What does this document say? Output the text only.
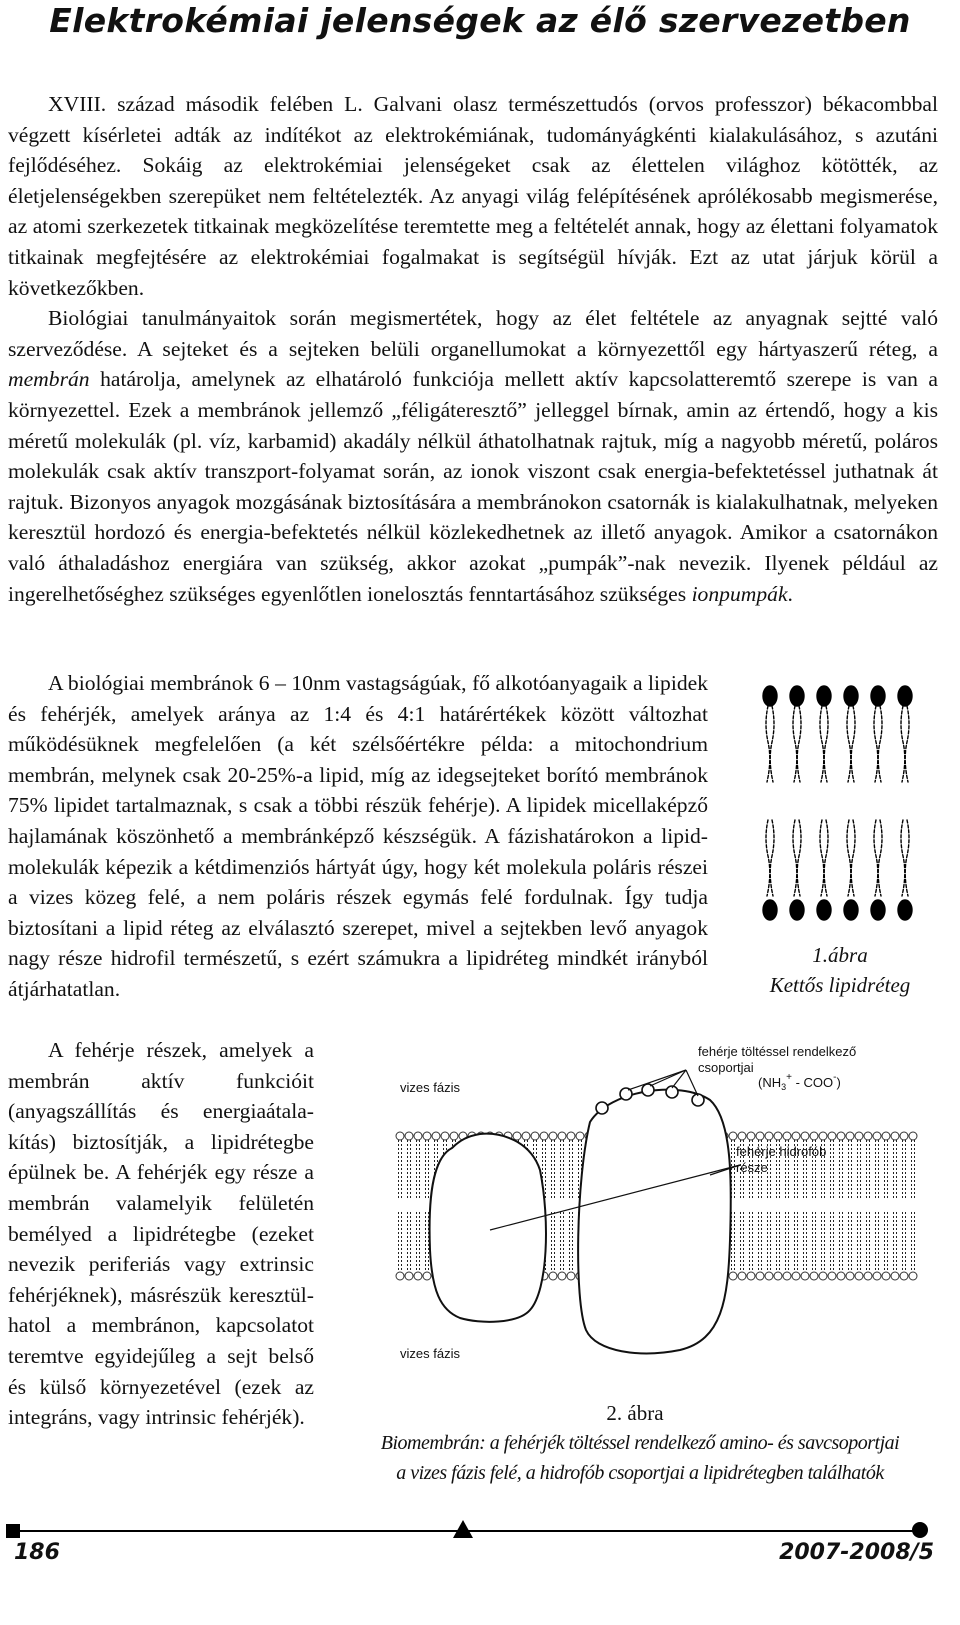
Elektrokémiai jelenségek az élő szervezetben

XVIII. század második felében L. Galvani olasz természettudós (orvos professzor) békacombbal végzett kísérletei adták az indítékot az elektrokémiának, tudományágkénti kialakulásához, s azutáni fejlődéséhez. Sokáig az elektrokémiai jelenségeket csak az élettelen világhoz kötötték, az életjelenségekben szerepüket nem feltételezték. Az anyagi világ felépítésének aprólékosabb megismerése, az atomi szerkezetek titkainak megközelítése teremtette meg a feltételét annak, hogy az élettani folyamatok titkainak megfejtésére az elektrokémiai fogalmakat is segítségül hívják. Ezt az utat járjuk körül a következőkben.

Biológiai tanulmányaitok során megismertétek, hogy az élet feltétele az anyagnak sejtté való szerveződése. A sejteket és a sejteken belüli organellumokat a környezettől egy hártyaszerű réteg, a membrán határolja, amelynek az elhatároló funkciója mellett aktív kapcsolatteremtő szerepe is van a környezettel. Ezek a membránok jellemző „féligáteresztő” jelleggel bírnak, amin az értendő, hogy a kis méretű molekulák (pl. víz, karbamid) akadály nélkül áthatolhatnak rajtuk, míg a nagyobb méretű, poláros molekulák csak aktív transzport-folyamat során, az ionok viszont csak energia-befektetéssel juthatnak át rajtuk. Bizonyos anyagok mozgásának biztosítására a membránokon csatornák is kialakulhatnak, melyeken keresztül hordozó és energia-befektetés nélkül közlekedhetnek az illető anyagok. Amikor a csatornákon való áthaladáshoz energiára van szükség, akkor azokat „pumpák”-nak nevezik. Ilyenek például az ingerelhetőséghez szükséges egyenlőtlen ionelosztás fenntartásához szükséges ionpumpák.

A biológiai membránok 6 – 10nm vastagságúak, fő alkotóanyagaik a lipidek és fehérjék, amelyek aránya az 1:4 és 4:1 határértékek között változhat működésüknek megfelelően (a két szélsőértékre példa: a mitochondrium membrán, melynek csak 20-25%-a lipid, míg az idegsejteket borító membránok 75% lipidet tartalmaznak, s csak a többi részük fehérje). A lipidek micellaképző hajlamának köszönhető a membránképző készségük. A fázishatárokon a lipidmolekulák képezik a kétdimenziós hártyát úgy, hogy két molekula poláris részei a vizes közeg felé, a nem poláris részek egymás felé fordulnak. Így tudja biztosítani a lipid réteg az elválasztó szerepet, mivel a sejtekben levő anyagok nagy része hidrofil természetű, s ezért számukra a lipidréteg mindkét irányból átjárhatatlan.

1.ábra
Kettős lipidréteg

A fehérje részek, amelyek a membrán aktív funkcióit (anyagszállítás és energiaátalakítás) biztosítják, a lipidrétegbe épülnek be. A fehérjék egy része a membrán valamelyik felületén bemélyed a lipidrétegbe (ezeket nevezik periferiás vagy extrinsic fehérjéknek), másrészük keresztülhatol a membránon, kapcsolatot teremtve egyidejűleg a sejt belső és külső környezetével (ezek az integráns, vagy intrinsic fehérjék).

vizes fázis
vizes fázis
fehérje töltéssel rendelkező
csoportjai
$(NH_3^+ - COO^-)$
fehérje hidrofób
része
2. ábra
Biomembrán: a fehérjék töltéssel rendelkező amino- és savcsoportjai
a vizes fázis felé, a hidrofób csoportjai a lipidrétegben találhatók
186	2007-2008/5
